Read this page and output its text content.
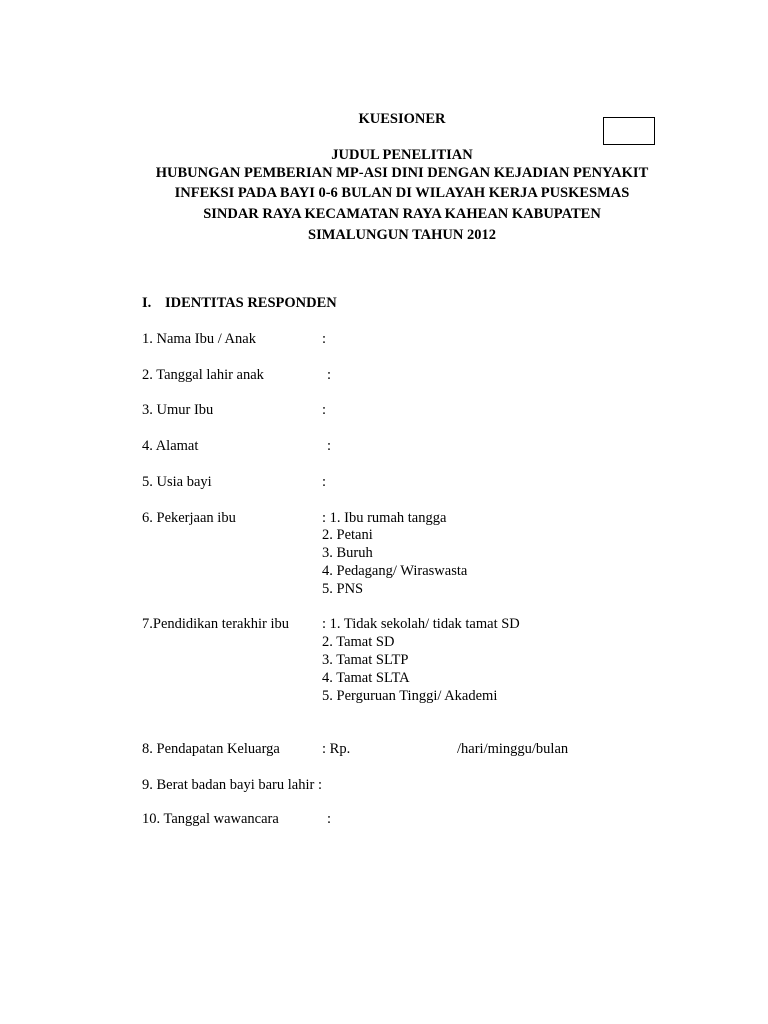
KUESIONER
JUDUL PENELITIAN
HUBUNGAN PEMBERIAN MP-ASI DINI DENGAN KEJADIAN PENYAKIT
INFEKSI PADA BAYI 0-6 BULAN DI WILAYAH KERJA PUSKESMAS
SINDAR RAYA KECAMATAN RAYA KAHEAN KABUPATEN
SIMALUNGUN TAHUN 2012
I. IDENTITAS RESPONDEN
1. Nama Ibu / Anak	:
2. Tanggal lahir anak	:
3. Umur Ibu	:
4. Alamat	:
5. Usia bayi	:
6. Pekerjaan ibu	: 1. Ibu rumah tangga
2. Petani
3. Buruh
4. Pedagang/ Wiraswasta
5. PNS
7.Pendidikan terakhir ibu : 1. Tidak sekolah/ tidak tamat SD
2. Tamat SD
3. Tamat SLTP
4. Tamat SLTA
5. Perguruan Tinggi/ Akademi
8. Pendapatan Keluarga	: Rp.	/hari/minggu/bulan
9. Berat badan bayi baru lahir :
10. Tanggal wawancara	:
